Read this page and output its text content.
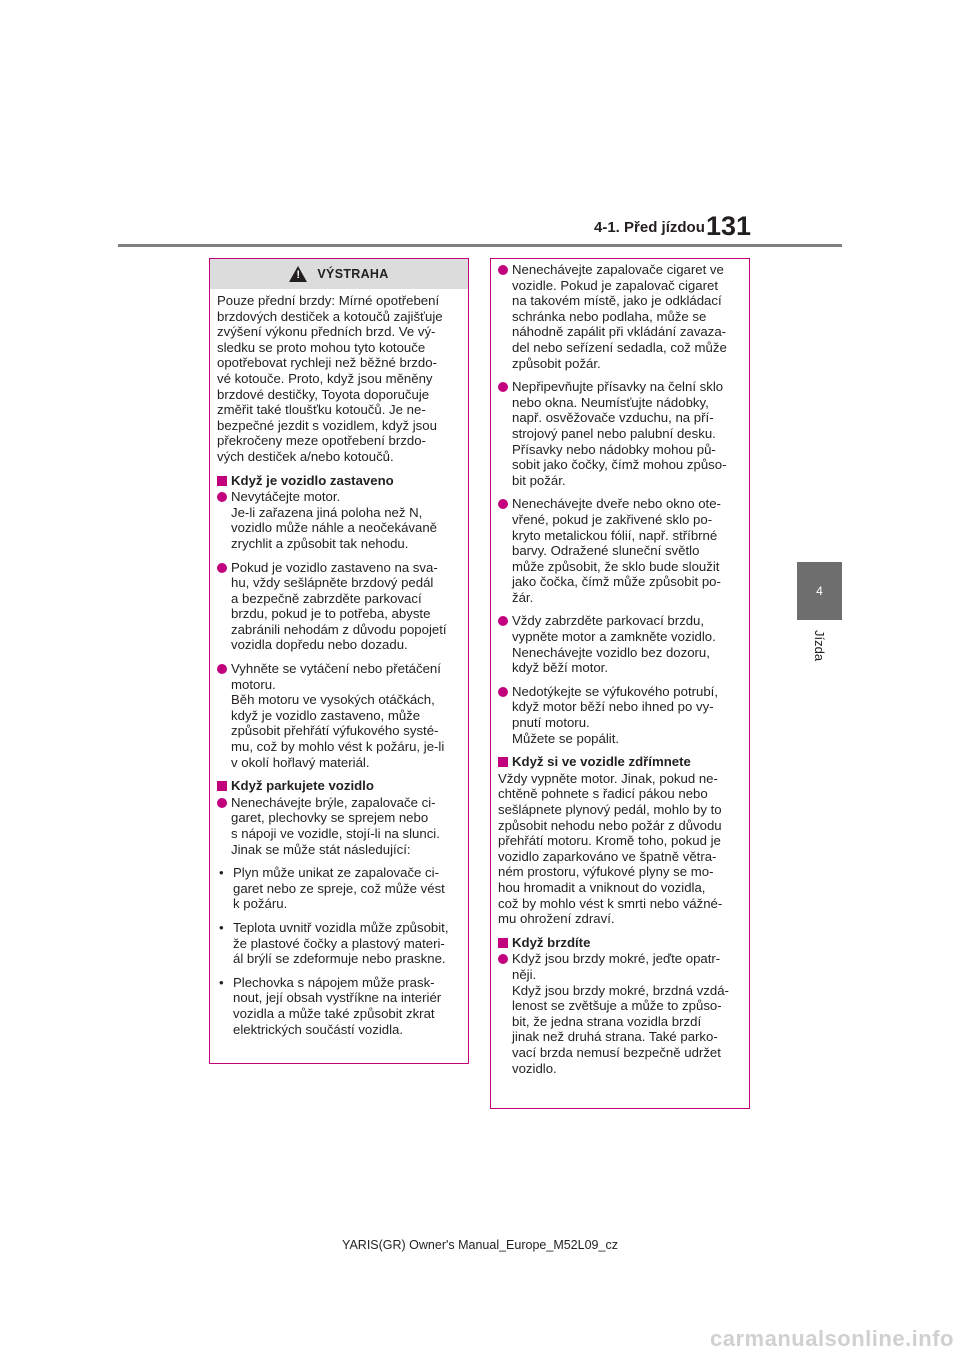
4-1. Před jízdou 131
4
Jízda
! VÝSTRAHA

Pouze přední brzdy: Mírné opotřebení
brzdových destiček a kotoučů zajišťuje
zvýšení výkonu předních brzd. Ve vý-
sledku se proto mohou tyto kotouče
opotřebovat rychleji než běžné brzdo-
vé kotouče. Proto, když jsou měněny
brzdové destičky, Toyota doporučuje
změřit také tloušťku kotoučů. Je ne-
bezpečné jezdit s vozidlem, když jsou
překročeny meze opotřebení brzdo-
vých destiček a/nebo kotoučů.

Když je vozidlo zastaveno
Nevytáčejte motor.
Je-li zařazena jiná poloha než N,
vozidlo může náhle a neočekávaně
zrychlit a způsobit tak nehodu.
Pokud je vozidlo zastaveno na sva-
hu, vždy sešlápněte brzdový pedál
a bezpečně zabrzděte parkovací
brzdu, pokud je to potřeba, abyste
zabránili nehodám z důvodu popojetí
vozidla dopředu nebo dozadu.
Vyhněte se vytáčení nebo přetáčení
motoru.
Běh motoru ve vysokých otáčkách,
když je vozidlo zastaveno, může
způsobit přehřátí výfukového systé-
mu, což by mohlo vést k požáru, je-li
v okolí hořlavý materiál.
Když parkujete vozidlo
Nenechávejte brýle, zapalovače ci-
garet, plechovky se sprejem nebo
s nápoji ve vozidle, stojí-li na slunci.
Jinak se může stát následující:
• Plyn může unikat ze zapalovače ci-
garet nebo ze spreje, což může vést
k požáru.
• Teplota uvnitř vozidla může způsobit,
že plastové čočky a plastový materi-
ál brýlí se zdeformuje nebo praskne.
• Plechovka s nápojem může prask-
nout, její obsah vystříkne na interiér
vozidla a může také způsobit zkrat
elektrických součástí vozidla.
Nenechávejte zapalovače cigaret ve
vozidle. Pokud je zapalovač cigaret
na takovém místě, jako je odkládací
schránka nebo podlaha, může se
náhodně zapálit při vkládání zavaza-
del nebo seřízení sedadla, což může
způsobit požár.
Nepřipevňujte přísavky na čelní sklo
nebo okna. Neumísťujte nádobky,
např. osvěžovače vzduchu, na pří-
strojový panel nebo palubní desku.
Přísavky nebo nádobky mohou pů-
sobit jako čočky, čímž mohou způso-
bit požár.
Nenechávejte dveře nebo okno ote-
vřené, pokud je zakřivené sklo po-
kryto metalickou fólií, např. stříbrné
barvy. Odražené sluneční světlo
může způsobit, že sklo bude sloužit
jako čočka, čímž může způsobit po-
žár.
Vždy zabrzděte parkovací brzdu,
vypněte motor a zamkněte vozidlo.
Nenechávejte vozidlo bez dozoru,
když běží motor.
Nedotýkejte se výfukového potrubí,
když motor běží nebo ihned po vy-
pnutí motoru.
Můžete se popálit.
Když si ve vozidle zdřímnete

Vždy vypněte motor. Jinak, pokud ne-
chtěně pohnete s řadicí pákou nebo
sešlápnete plynový pedál, mohlo by to
způsobit nehodu nebo požár z důvodu
přehřátí motoru. Kromě toho, pokud je
vozidlo zaparkováno ve špatně větra-
ném prostoru, výfukové plyny se mo-
hou hromadit a vniknout do vozidla,
což by mohlo vést k smrti nebo vážné-
mu ohrožení zdraví.

Když brzdíte
Když jsou brzdy mokré, jeďte opatr-
něji.
Když jsou brzdy mokré, brzdná vzdá-
lenost se zvětšuje a může to způso-
bit, že jedna strana vozidla brzdí
jinak než druhá strana. Také parko-
vací brzda nemusí bezpečně udržet
vozidlo.
YARIS(GR) Owner's Manual_Europe_M52L09_cz
carmanualsonline.info
